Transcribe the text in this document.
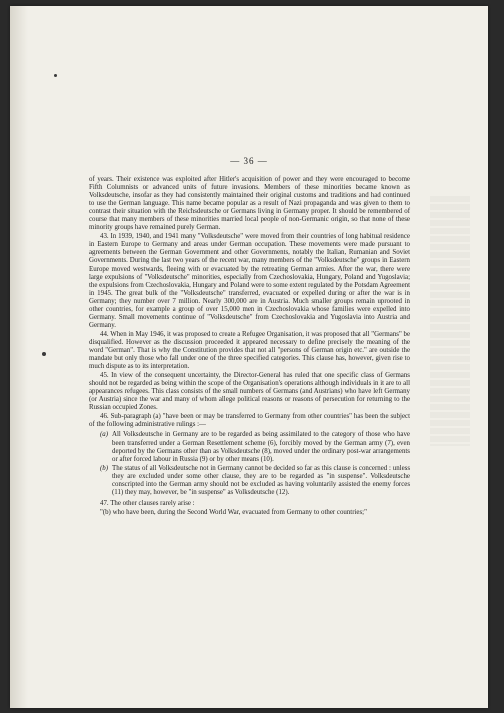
— 36 —

of years. Their existence was exploited after Hitler's acquisition of power and they were encouraged to become Fifth Columnists or advanced units of future invasions. Members of these minorities became known as Volksdeutsche, insofar as they had consistently maintained their original customs and traditions and had continued to use the German language. This name became popular as a result of Nazi propaganda and was given to them to contrast their situation with the Reichsdeutsche or Germans living in Germany proper. It should be remembered of course that many members of these minorities married local people of non-Germanic origin, so that none of these minority groups have remained purely German.

43. In 1939, 1940, and 1941 many "Volksdeutsche" were moved from their countries of long habitual residence in Eastern Europe to Germany and areas under German occupation. These movements were made pursuant to agreements between the German Government and other Governments, notably the Italian, Rumanian and Soviet Governments. During the last two years of the recent war, many members of the "Volksdeutsche" groups in Eastern Europe moved westwards, fleeing with or evacuated by the retreating German armies. After the war, there were large expulsions of "Volksdeutsche" minorities, especially from Czechoslovakia, Hungary, Poland and Yugoslavia; the expulsions from Czechoslovakia, Hungary and Poland were to some extent regulated by the Potsdam Agreement in 1945. The great bulk of the "Volksdeutsche" transferred, evacuated or expelled during or after the war is in Germany; they number over 7 million. Nearly 300,000 are in Austria. Much smaller groups remain uprooted in other countries, for example a group of over 15,000 men in Czechoslovakia whose families were expelled into Germany. Small movements continue of "Volksdeutsche" from Czechoslovakia and Yugoslavia into Austria and Germany.

44. When in May 1946, it was proposed to create a Refugee Organisation, it was proposed that all "Germans" be disqualified. However as the discussion proceeded it appeared necessary to define precisely the meaning of the word "German". That is why the Constitution provides that not all "persons of German origin etc." are outside the mandate but only those who fall under one of the three specified categories. This clause has, however, given rise to much dispute as to its interpretation.

45. In view of the consequent uncertainty, the Director-General has ruled that one specific class of Germans should not be regarded as being within the scope of the Organisation's operations although individuals in it are to all appearances refugees. This class consists of the small numbers of Germans (and Austrians) who have left Germany (or Austria) since the war and many of whom allege political reasons or reasons of persecution for returning to the Russian occupied Zones.

46. Sub-paragraph (a) "have been or may be transferred to Germany from other countries" has been the subject of the following administrative rulings :—

(a) All Volksdeutsche in Germany are to be regarded as being assimilated to the category of those who have been transferred under a German Resettlement scheme (6), forcibly moved by the German army (7), even deported by the Germans other than as Volksdeutsche (8), moved under the ordinary post-war arrangements or after forced labour in Russia (9) or by other means (10).
(b) The status of all Volksdeutsche not in Germany cannot be decided so far as this clause is concerned : unless they are excluded under some other clause, they are to be regarded as "in suspense". Volksdeutsche conscripted into the German army should not be excluded as having voluntarily assisted the enemy forces (11) they may, however, be "in suspense" as Volksdeutsche (12).

47. The other clauses rarely arise :

"(b) who have been, during the Second World War, evacuated from Germany to other countries;"
